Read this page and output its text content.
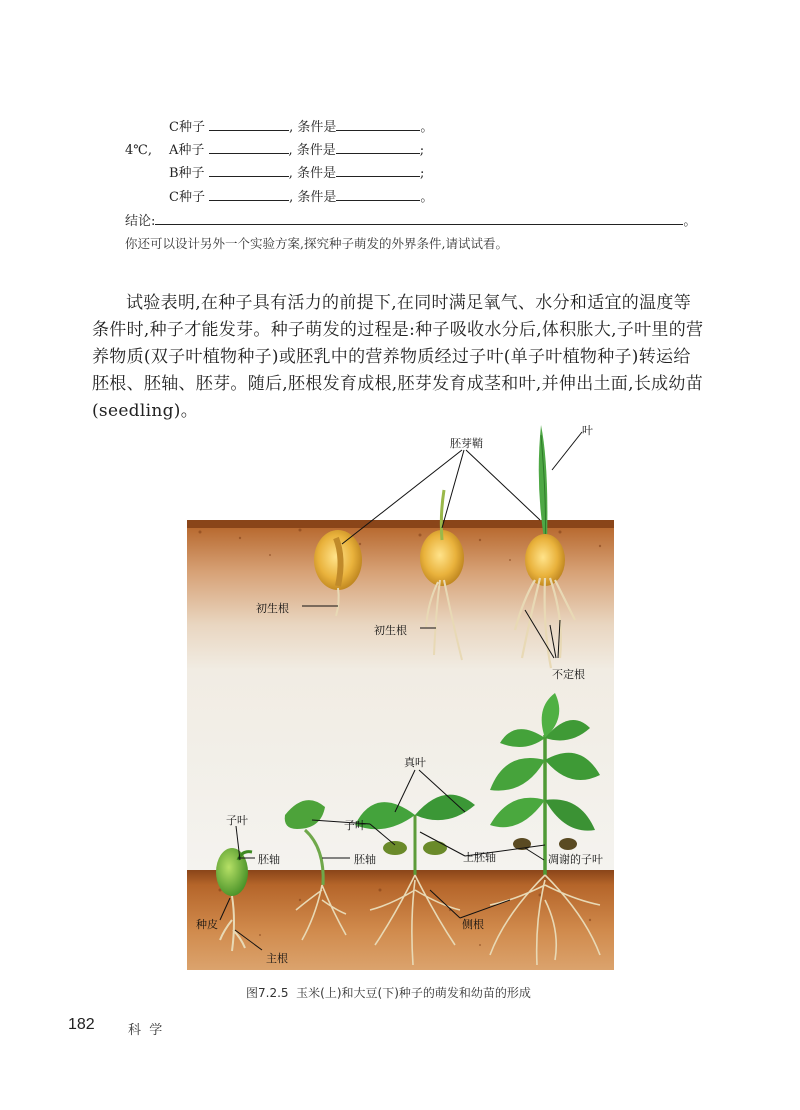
C种子	, 条件是	。
4℃, A种子	, 条件是	;
B种子	, 条件是	;
C种子	, 条件是	。
结论:	。
你还可以设计另外一个实验方案,探究种子萌发的外界条件,请试试看。
试验表明,在种子具有活力的前提下,在同时满足氧气、水分和适宜的温度等条件时,种子才能发芽。种子萌发的过程是:种子吸收水分后,体积胀大,子叶里的营养物质(双子叶植物种子)或胚乳中的营养物质经过子叶(单子叶植物种子)转运给胚根、胚轴、胚芽。随后,胚根发育成根,胚芽发育成茎和叶,并伸出土面,长成幼苗(seedling)。
胚芽鞘
叶
初生根
初生根
不定根
真叶
子叶	子叶
胚轴	胚轴	上胚轴	凋谢的子叶
种皮	侧根
主根
图7.2.5  玉米(上)和大豆(下)种子的萌发和幼苗的形成
182	科  学
